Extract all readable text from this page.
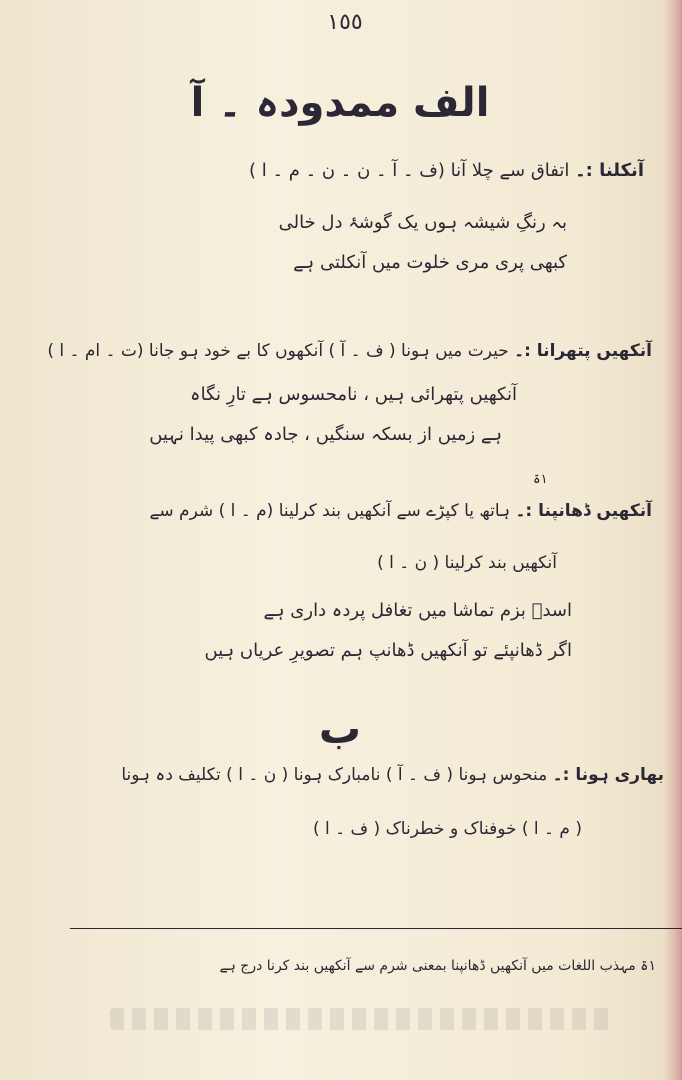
١٥٥
الف ممدودہ ۔ آ
آنکلنا :۔ اتفاق سے چلا آنا (ف ۔ آ ۔ ن ۔ ن ۔ م ۔ ا )
بہ رنگِ شیشہ ہوں یک گوشۂ دل خالی
کبھی پری مری خلوت میں آنکلتی ہے
آنکھیں پتھرانا :۔ حیرت میں ہونا ( ف ۔ آ ) آنکھوں کا بے خود ہو جانا (ت ۔ ام ۔ ا )
آنکھیں پتھرائی ہیں ، نامحسوس ہے تارِ نگاہ
ہے زمیں از بسکہ سنگیں ، جادہ کبھی پیدا نہیں
١ۃ
آنکھیں ڈھانپنا :۔ ہاتھ یا کپڑے سے آنکھیں بند کرلینا (م ۔ ا ) شرم سے
آنکھیں بند کرلینا ( ن ۔ ا )
اسدؔ بزم تماشا میں تغافل پردہ داری ہے
اگر ڈھانپئے تو آنکھیں ڈھانپ ہم تصویرِ عریاں ہیں
ب
بھاری ہونا :۔ منحوس ہونا ( ف ۔ آ ) نامبارک ہونا ( ن ۔ ا ) تکلیف دہ ہونا
( م ۔ ا ) خوفناک و خطرناک ( ف ۔ ا )
١ۃ مہذب اللغات میں آنکھیں ڈھانپنا بمعنی شرم سے آنکھیں بند کرنا درج ہے
